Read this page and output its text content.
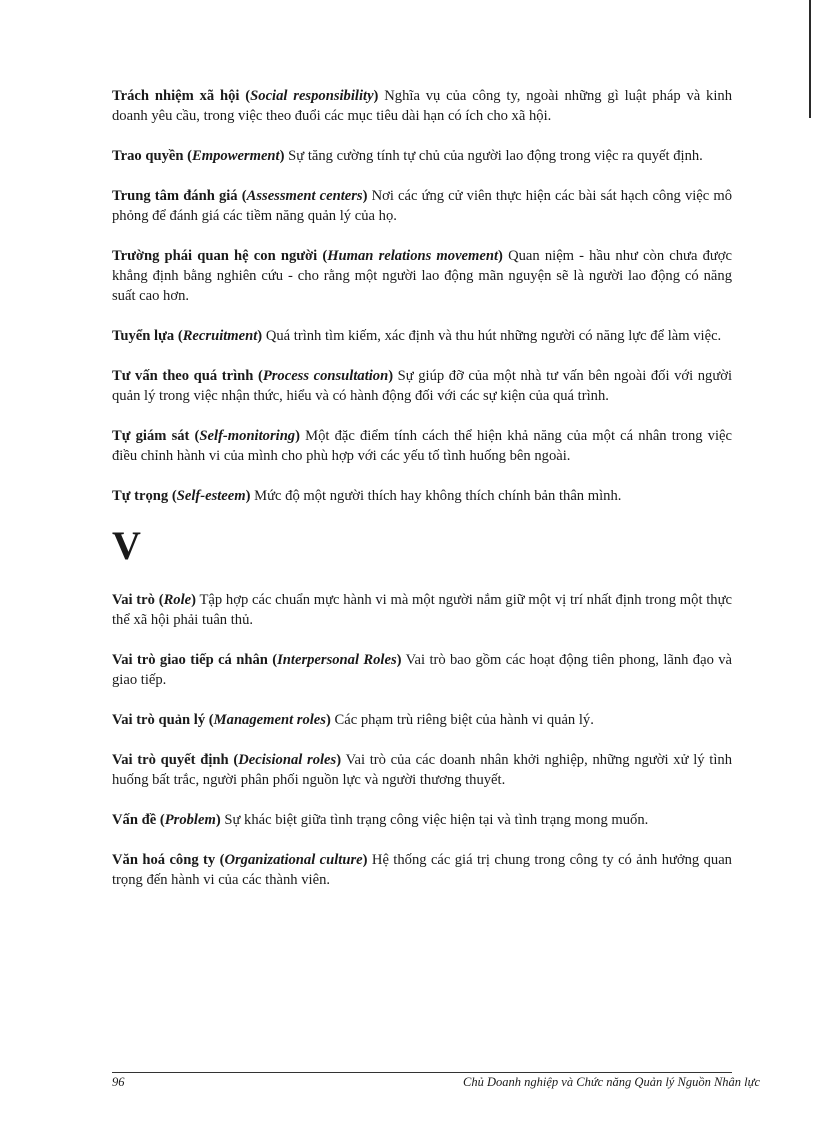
Trách nhiệm xã hội (Social responsibility) Nghĩa vụ của công ty, ngoài những gì luật pháp và kinh doanh yêu cầu, trong việc theo đuổi các mục tiêu dài hạn có ích cho xã hội.

Trao quyền (Empowerment) Sự tăng cường tính tự chủ của người lao động trong việc ra quyết định.

Trung tâm đánh giá (Assessment centers) Nơi các ứng cử viên thực hiện các bài sát hạch công việc mô phỏng để đánh giá các tiềm năng quản lý của họ.

Trường phái quan hệ con người (Human relations movement) Quan niệm - hầu như còn chưa được khẳng định bằng nghiên cứu - cho rằng một người lao động mãn nguyện sẽ là người lao động có năng suất cao hơn.

Tuyển lựa (Recruitment) Quá trình tìm kiếm, xác định và thu hút những người có năng lực để làm việc.

Tư vấn theo quá trình (Process consultation) Sự giúp đỡ của một nhà tư vấn bên ngoài đối với người quản lý trong việc nhận thức, hiểu và có hành động đối với các sự kiện của quá trình.

Tự giám sát (Self-monitoring) Một đặc điểm tính cách thể hiện khả năng của một cá nhân trong việc điều chỉnh hành vi của mình cho phù hợp với các yếu tố tình huống bên ngoài.

Tự trọng (Self-esteem) Mức độ một người thích hay không thích chính bản thân mình.

V

Vai trò (Role) Tập hợp các chuẩn mực hành vi mà một người nắm giữ một vị trí nhất định trong một thực thể xã hội phải tuân thủ.

Vai trò giao tiếp cá nhân (Interpersonal Roles) Vai trò bao gồm các hoạt động tiên phong, lãnh đạo và giao tiếp.

Vai trò quản lý (Management roles) Các phạm trù riêng biệt của hành vi quản lý.

Vai trò quyết định (Decisional roles) Vai trò của các doanh nhân khởi nghiệp, những người xử lý tình huống bất trắc, người phân phối nguồn lực và người thương thuyết.

Vấn đề (Problem) Sự khác biệt giữa tình trạng công việc hiện tại và tình trạng mong muốn.

Văn hoá công ty (Organizational culture) Hệ thống các giá trị chung trong công ty có ảnh hưởng quan trọng đến hành vi của các thành viên.

96	Chủ Doanh nghiệp và Chức năng Quản lý Nguồn Nhân lực
